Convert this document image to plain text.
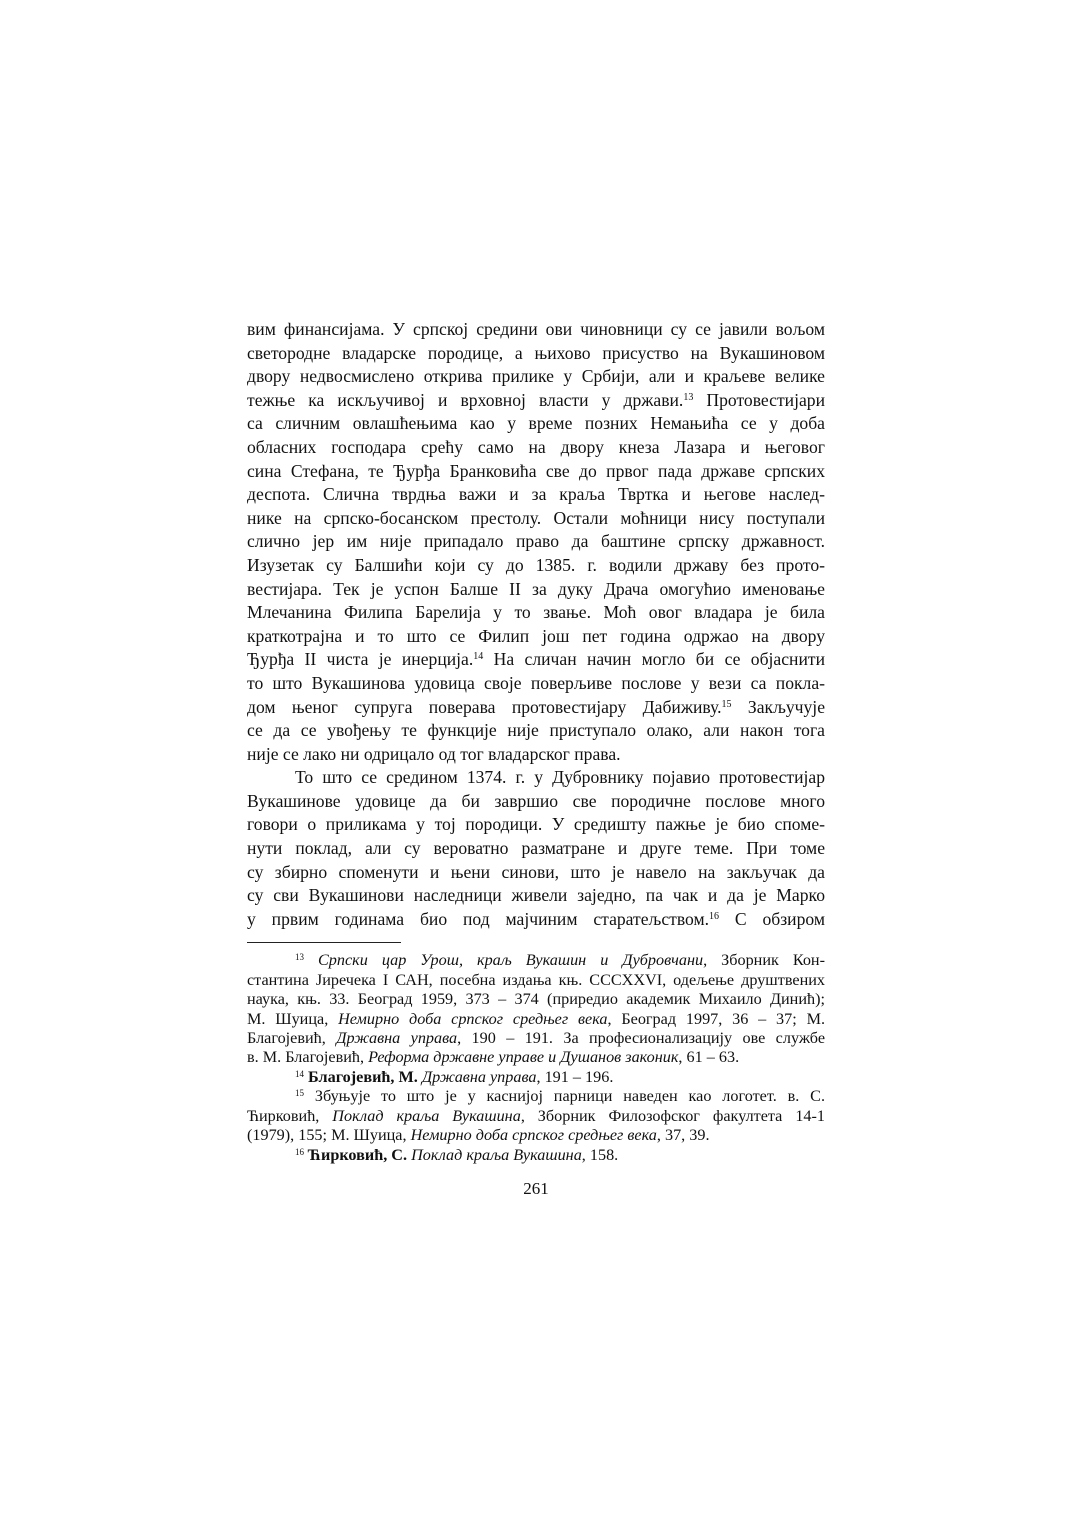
вим финансијама. У српској средини ови чиновници су се јавили вољом
светородне владарске породице, а њихово присуство на Вукашиновом
двору недвосмислено открива прилике у Србији, али и краљеве велике
тежње ка искључивој и врховној власти у држави.$^{13}$ Протовестијари
са сличним овлашћењима као у време позних Немањића се у доба
обласних господара срећу само на двору кнеза Лазара и његовог
сина Стефана, те Ђурђа Бранковића све до првог пада државе српских
деспота. Слична тврдња важи и за краља Твртка и његове наслед-
нике на српско-босанском престолу. Остали моћници нису поступали
слично јер им није припадало право да баштине српску државност.
Изузетак су Балшићи који су до 1385. г. водили државу без прото-
вестијара. Тек је успон Балше II за дуку Драча омогућио именовање
Млечанина Филипа Барелија у то звање. Моћ овог владара је била
краткотрајна и то што се Филип још пет година одржао на двору
Ђурђа II чиста је инерција.$^{14}$ На сличан начин могло би се објаснити
то што Вукашинова удовица своје поверљиве послове у вези са поклa-
дом њеног супруга поверава протовестијару Дабиживу.$^{15}$ Закључује
се да се увођењу те функције није приступало олако, али након тога
није се лако ни одрицало од тог владарског права.
То што се средином 1374. г. у Дубровнику појавио протовестијар
Вукашинове удовице да би завршио све породичне послове много
говори о приликама у тој породици. У средишту пажње је био споме-
нути поклад, али су вероватно разматране и друге теме. При томе
су збирно споменути и њени синови, што је навело на закључак да
су сви Вукашинови наследници живели заједно, па чак и да је Марко
у првим годинама био под мајчиним старатељством.$^{16}$ С обзиром
$^{13}$ Српски цар Урош, краљ Вукашин и Дубровчани, Зборник Кон-
стантина Јиречека I САН, посебна издања књ. CCCXXVI, одељење друштвених
наука, књ. 33. Београд 1959, 373 – 374 (приредио академик Михаило Динић);
М. Шуица, Немирно доба српског средњег века, Београд 1997, 36 – 37; М.
Благојевић, Државна управа, 190 – 191. За професионализацију ове службе
в. М. Благојевић, Реформа државне управе и Душанов законик, 61 – 63.
$^{14}$ Благојевић, М. Државна управа, 191 – 196.
$^{15}$ Збуњује то што је у каснијој парници наведен као логотет. в. С.
Ћирковић, Поклад краља Вукашина, Зборник Филозофског факултета 14-1
(1979), 155; М. Шуица, Немирно доба српског средњег века, 37, 39.
$^{16}$ Ћирковић, С. Поклад краља Вукашина, 158.
261
